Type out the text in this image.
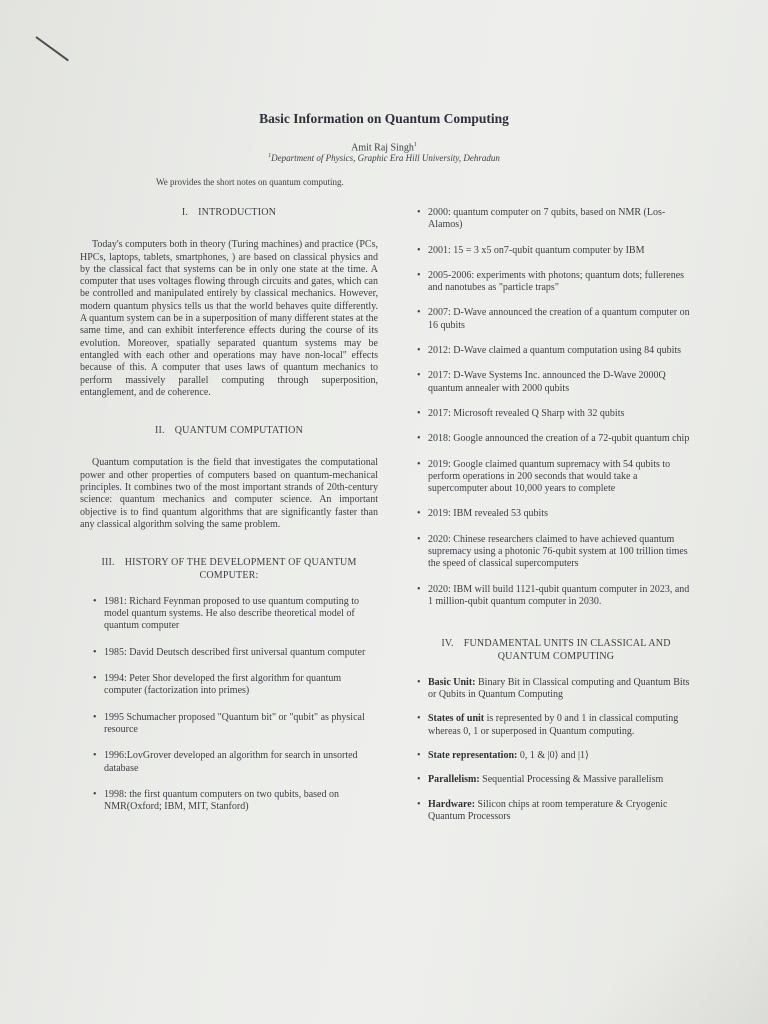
Basic Information on Quantum Computing
Amit Raj Singh$^1$
$^1$Department of Physics, Graphic Era Hill University, Dehradun
We provides the short notes on quantum computing.

I. INTRODUCTION

Today's computers both in theory (Turing machines) and practice (PCs, HPCs, laptops, tablets, smartphones, ) are based on classical physics and by the classical fact that systems can be in only one state at the time. A computer that uses voltages flowing through circuits and gates, which can be controlled and manipulated entirely by classical mechanics. However, modern quantum physics tells us that the world behaves quite differently. A quantum system can be in a superposition of many different states at the same time, and can exhibit interference effects during the course of its evolution. Moreover, spatially separated quantum systems may be entangled with each other and operations may have non-local" effects because of this. A computer that uses laws of quantum mechanics to perform massively parallel computing through superposition, entanglement, and de coherence.

II. QUANTUM COMPUTATION

Quantum computation is the field that investigates the computational power and other properties of computers based on quantum-mechanical principles. It combines two of the most important strands of 20th-century science: quantum mechanics and computer science. An important objective is to find quantum algorithms that are significantly faster than any classical algorithm solving the same problem.

III. HISTORY OF THE DEVELOPMENT OF QUANTUM
COMPUTER:

• 1981: Richard Feynman proposed to use quantum computing to model quantum systems. He also describe theoretical model of quantum computer
• 1985: David Deutsch described first universal quantum computer
• 1994: Peter Shor developed the first algorithm for quantum computer (factorization into primes)
• 1995 Schumacher proposed "Quantum bit" or "qubit" as physical resource
• 1996:LovGrover developed an algorithm for search in unsorted database
• 1998: the first quantum computers on two qubits, based on NMR(Oxford; IBM, MIT, Stanford)
• 2000: quantum computer on 7 qubits, based on NMR (Los-Alamos)
• 2001: 15 = 3 x5 on7-qubit quantum computer by IBM
• 2005-2006: experiments with photons; quantum dots; fullerenes and nanotubes as "particle traps"
• 2007: D-Wave announced the creation of a quantum computer on 16 qubits
• 2012: D-Wave claimed a quantum computation using 84 qubits
• 2017: D-Wave Systems Inc. announced the D-Wave 2000Q quantum annealer with 2000 qubits
• 2017: Microsoft revealed Q Sharp with 32 qubits
• 2018: Google announced the creation of a 72-qubit quantum chip
• 2019: Google claimed quantum supremacy with 54 qubits to perform operations in 200 seconds that would take a supercomputer about 10,000 years to complete
• 2019: IBM revealed 53 qubits
• 2020: Chinese researchers claimed to have achieved quantum supremacy using a photonic 76-qubit system at 100 trillion times the speed of classical supercomputers
• 2020: IBM will build 1121-qubit quantum computer in 2023, and 1 million-qubit quantum computer in 2030.

IV. FUNDAMENTAL UNITS IN CLASSICAL AND
QUANTUM COMPUTING

• Basic Unit: Binary Bit in Classical computing and Quantum Bits or Qubits in Quantum Computing
• States of unit is represented by 0 and 1 in classical computing whereas 0, 1 or superposed in Quantum computing.
• State representation: 0, 1 & |0⟩ and |1⟩
• Parallelism: Sequential Processing & Massive parallelism
• Hardware: Silicon chips at room temperature & Cryogenic Quantum Processors
